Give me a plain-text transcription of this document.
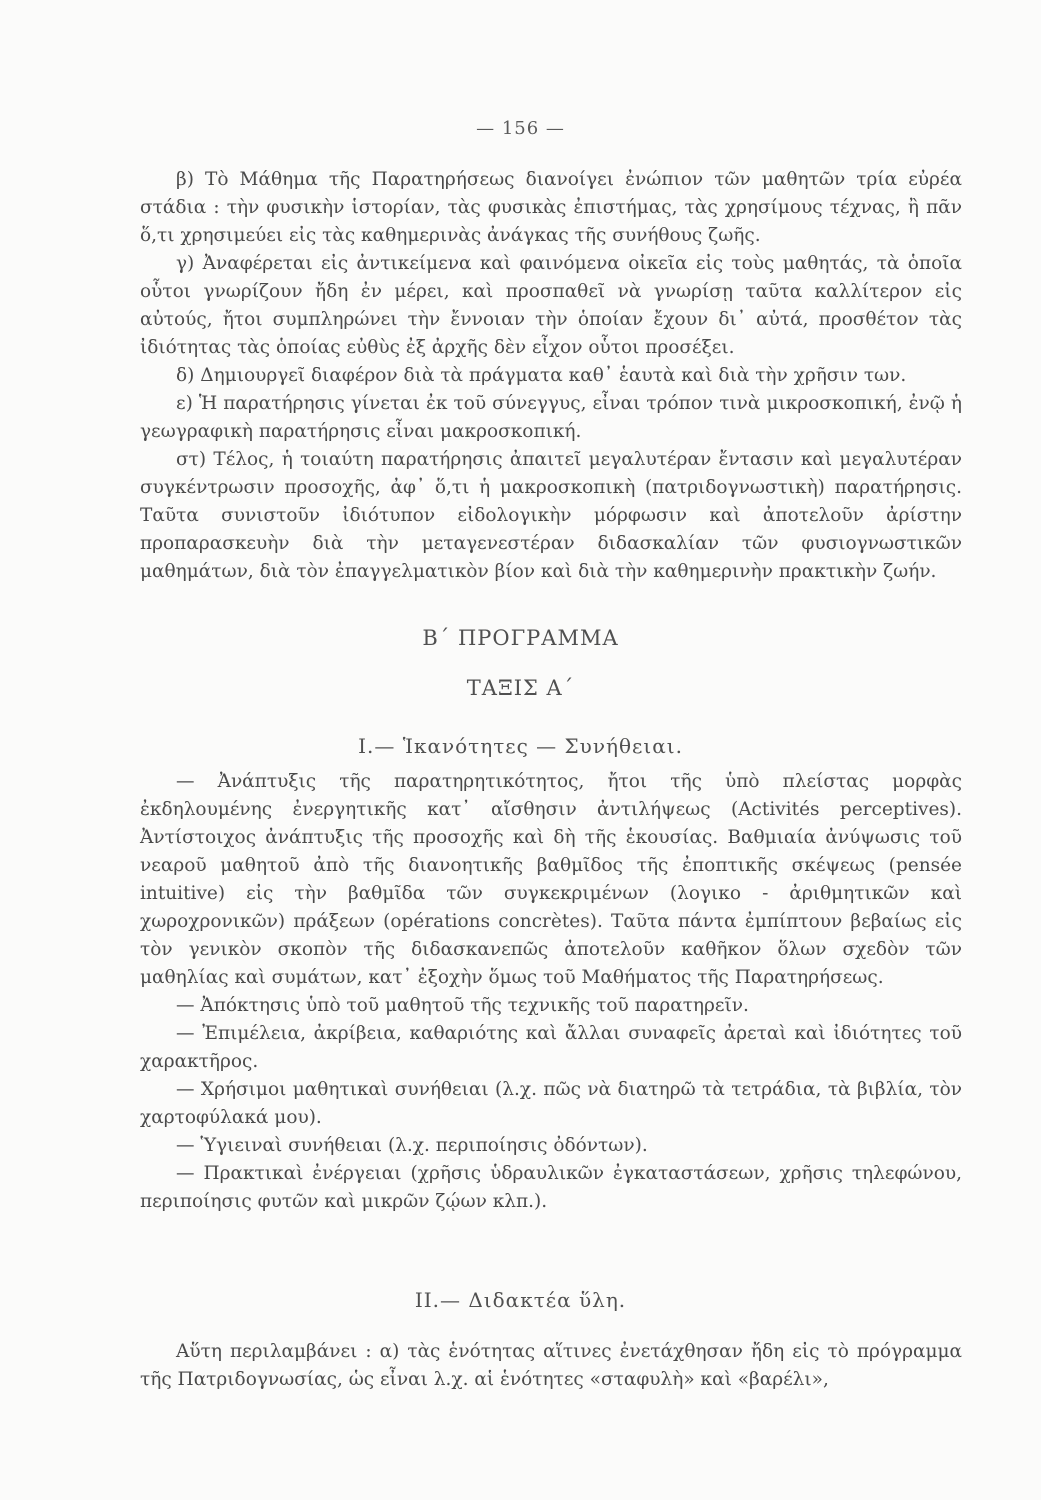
— 156 —

β) Τὸ Μάθημα τῆς Παρατηρήσεως διανοίγει ἐνώπιον τῶν μαθητῶν τρία εὐρέα στάδια : τὴν φυσικὴν ἱστορίαν, τὰς φυσικὰς ἐπιστήμας, τὰς χρησίμους τέχνας, ἢ πᾶν ὅ,τι χρησιμεύει εἰς τὰς καθημερινὰς ἀνάγκας τῆς συνήθους ζωῆς.

γ) Ἀναφέρεται εἰς ἀντικείμενα καὶ φαινόμενα οἰκεῖα εἰς τοὺς μαθητάς, τὰ ὁποῖα οὗτοι γνωρίζουν ἤδη ἐν μέρει, καὶ προσπαθεῖ νὰ γνωρίσῃ ταῦτα καλλίτερον εἰς αὐτούς, ἤτοι συμπληρώνει τὴν ἔννοιαν τὴν ὁποίαν ἔχουν δι᾿ αὐτά, προσθέτον τὰς ἰδιότητας τὰς ὁποίας εὐθὺς ἐξ ἀρχῆς δὲν εἶχον οὗτοι προσέξει.

δ) Δημιουργεῖ διαφέρον διὰ τὰ πράγματα καθ᾿ ἑαυτὰ καὶ διὰ τὴν χρῆσιν των.

ε) Ἡ παρατήρησις γίνεται ἐκ τοῦ σύνεγγυς, εἶναι τρόπον τινὰ μικροσκοπική, ἐνῷ ἡ γεωγραφικὴ παρατήρησις εἶναι μακροσκοπική.

στ) Τέλος, ἡ τοιαύτη παρατήρησις ἀπαιτεῖ μεγαλυτέραν ἔντασιν καὶ μεγαλυτέραν συγκέντρωσιν προσοχῆς, ἀφ᾿ ὅ,τι ἡ μακροσκοπικὴ (πατριδογνωστικὴ) παρατήρησις. Ταῦτα συνιστοῦν ἰδιότυπον εἰδολογικὴν μόρφωσιν καὶ ἀποτελοῦν ἀρίστην προπαρασκευὴν διὰ τὴν μεταγενεστέραν διδασκαλίαν τῶν φυσιογνωστικῶν μαθημάτων, διὰ τὸν ἐπαγγελματικὸν βίον καὶ διὰ τὴν καθημερινὴν πρακτικὴν ζωήν.

Β΄ ΠΡΟΓΡΑΜΜΑ
ΤΑΞΙΣ Α΄
I.— Ἱκανότητες — Συνήθειαι.

— Ἀνάπτυξις τῆς παρατηρητικότητος, ἤτοι τῆς ὑπὸ πλείστας μορφὰς ἐκδηλουμένης ἐνεργητικῆς κατ᾿ αἴσθησιν ἀντιλήψεως (Activités perceptives). Ἀντίστοιχος ἀνάπτυξις τῆς προσοχῆς καὶ δὴ τῆς ἑκουσίας. Βαθμιαία ἀνύψωσις τοῦ νεαροῦ μαθητοῦ ἀπὸ τῆς διανοητικῆς βαθμῖδος τῆς ἐποπτικῆς σκέψεως (pensée intuitive) εἰς τὴν βαθμῖδα τῶν συγκεκριμένων (λογικο - ἀριθμητικῶν καὶ χωροχρονικῶν) πράξεων (opérations concrètes). Ταῦτα πάντα ἐμπίπτουν βεβαίως εἰς τὸν γενικὸν σκοπὸν τῆς διδασκανεπῶς ἀποτελοῦν καθῆκον ὅλων σχεδὸν τῶν μαθηλίας καὶ συμάτων, κατ᾿ ἐξοχὴν ὅμως τοῦ Μαθήματος τῆς Παρατηρήσεως.

— Ἀπόκτησις ὑπὸ τοῦ μαθητοῦ τῆς τεχνικῆς τοῦ παρατηρεῖν.

— Ἐπιμέλεια, ἀκρίβεια, καθαριότης καὶ ἄλλαι συναφεῖς ἀρεταὶ καὶ ἰδιότητες τοῦ χαρακτῆρος.

— Χρήσιμοι μαθητικαὶ συνήθειαι (λ.χ. πῶς νὰ διατηρῶ τὰ τετράδια, τὰ βιβλία, τὸν χαρτοφύλακά μου).

— Ὑγιειναὶ συνήθειαι (λ.χ. περιποίησις ὀδόντων).

— Πρακτικαὶ ἐνέργειαι (χρῆσις ὑδραυλικῶν ἐγκαταστάσεων, χρῆσις τηλεφώνου, περιποίησις φυτῶν καὶ μικρῶν ζῴων κλπ.).

II.— Διδακτέα ὕλη.

Αὕτη περιλαμβάνει : α) τὰς ἑνότητας αἵτινες ἐνετάχθησαν ἤδη εἰς τὸ πρόγραμμα τῆς Πατριδογνωσίας, ὡς εἶναι λ.χ. αἱ ἑνότητες «σταφυλὴ» καὶ «βαρέλι»,
